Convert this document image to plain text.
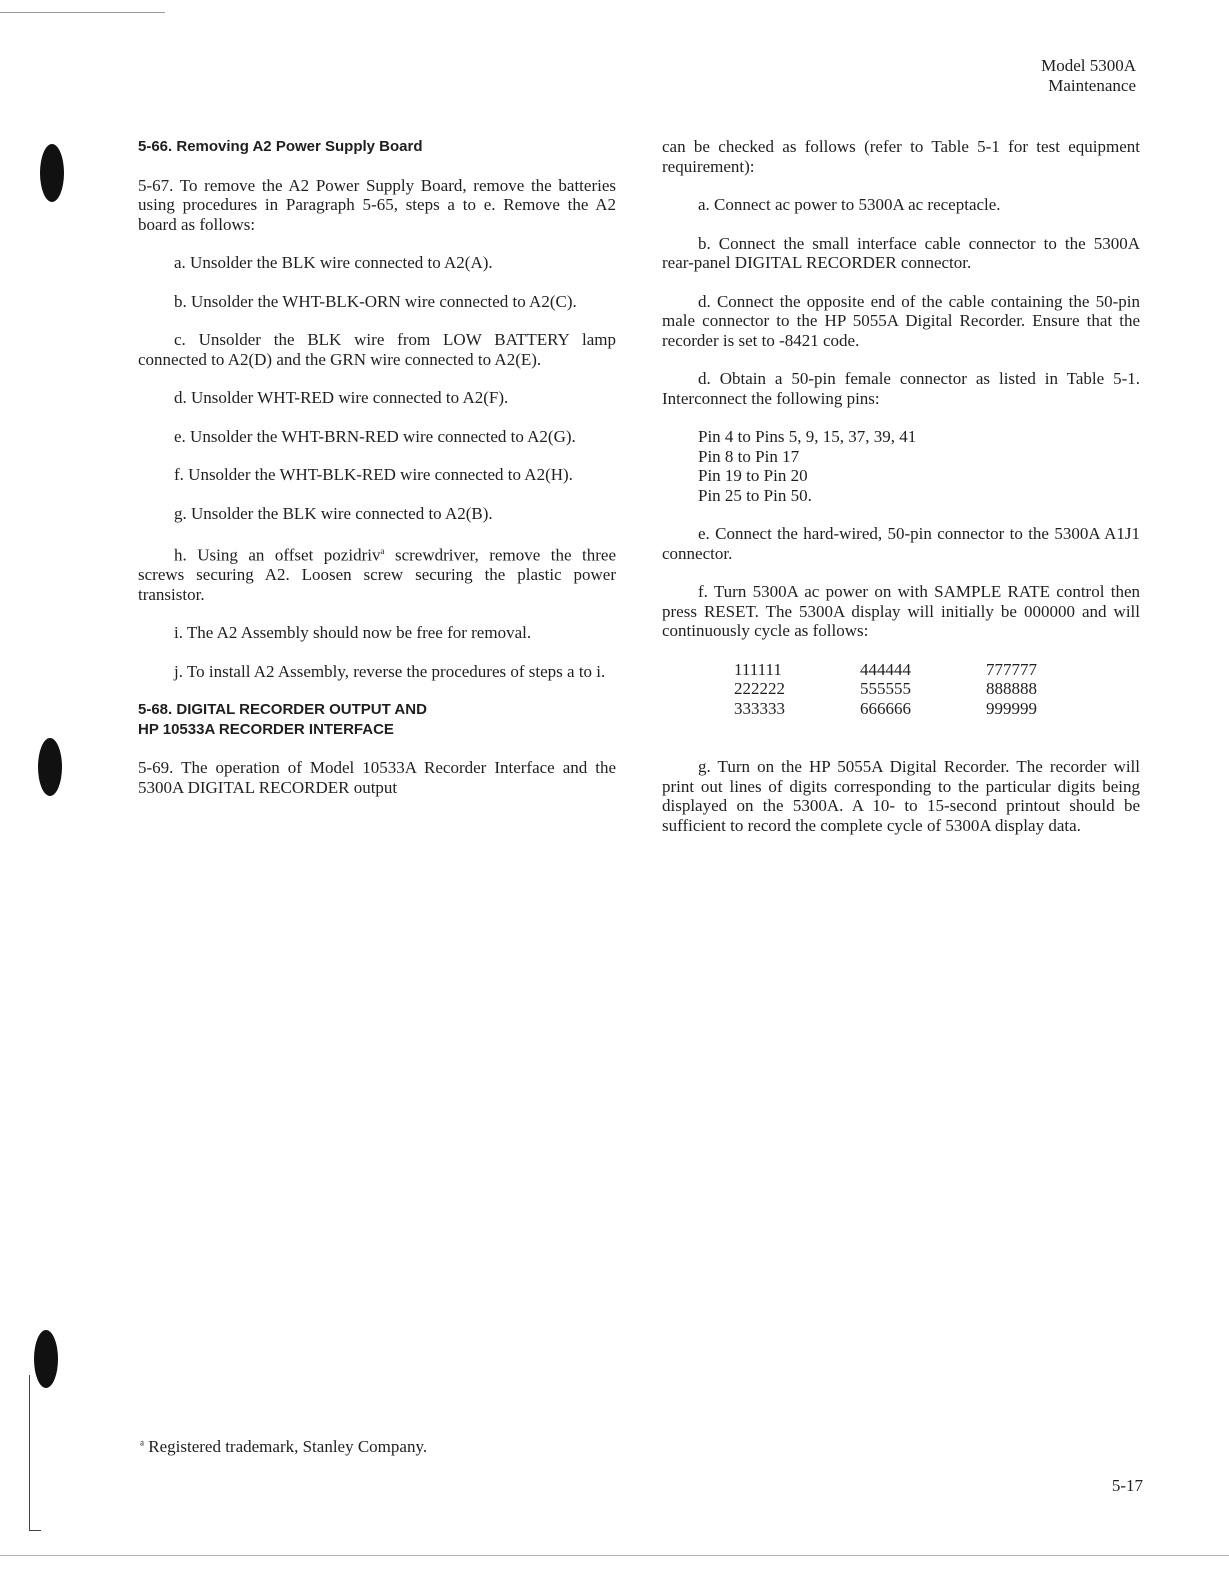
Model 5300A
Maintenance
5-66. Removing A2 Power Supply Board

5-67. To remove the A2 Power Supply Board, remove the batteries using procedures in Paragraph 5-65, steps a to e. Remove the A2 board as follows:

a. Unsolder the BLK wire connected to A2(A).

b. Unsolder the WHT-BLK-ORN wire connected to A2(C).

c. Unsolder the BLK wire from LOW BATTERY lamp connected to A2(D) and the GRN wire connected to A2(E).

d. Unsolder WHT-RED wire connected to A2(F).

e. Unsolder the WHT-BRN-RED wire connected to A2(G).

f. Unsolder the WHT-BLK-RED wire connected to A2(H).

g. Unsolder the BLK wire connected to A2(B).

h. Using an offset pozidriv$^a$ screwdriver, remove the three screws securing A2. Loosen screw securing the plastic power transistor.

i. The A2 Assembly should now be free for removal.

j. To install A2 Assembly, reverse the procedures of steps a to i.

5-68. DIGITAL RECORDER OUTPUT AND
HP 10533A RECORDER INTERFACE

5-69. The operation of Model 10533A Recorder Interface and the 5300A DIGITAL RECORDER output

can be checked as follows (refer to Table 5-1 for test equipment requirement):

a. Connect ac power to 5300A ac receptacle.

b. Connect the small interface cable connector to the 5300A rear-panel DIGITAL RECORDER connector.

d. Connect the opposite end of the cable containing the 50-pin male connector to the HP 5055A Digital Recorder. Ensure that the recorder is set to -8421 code.

d. Obtain a 50-pin female connector as listed in Table 5-1. Interconnect the following pins:

Pin 4 to Pins 5, 9, 15, 37, 39, 41
Pin 8 to Pin 17
Pin 19 to Pin 20
Pin 25 to Pin 50.

e. Connect the hard-wired, 50-pin connector to the 5300A A1J1 connector.

f. Turn 5300A ac power on with SAMPLE RATE control then press RESET. The 5300A display will initially be 000000 and will continuously cycle as follows:

111111	444444	777777
222222	555555	888888
333333	666666	999999

g. Turn on the HP 5055A Digital Recorder. The recorder will print out lines of digits corresponding to the particular digits being displayed on the 5300A. A 10- to 15-second printout should be sufficient to record the complete cycle of 5300A display data.

$^a$ Registered trademark, Stanley Company.
5-17
